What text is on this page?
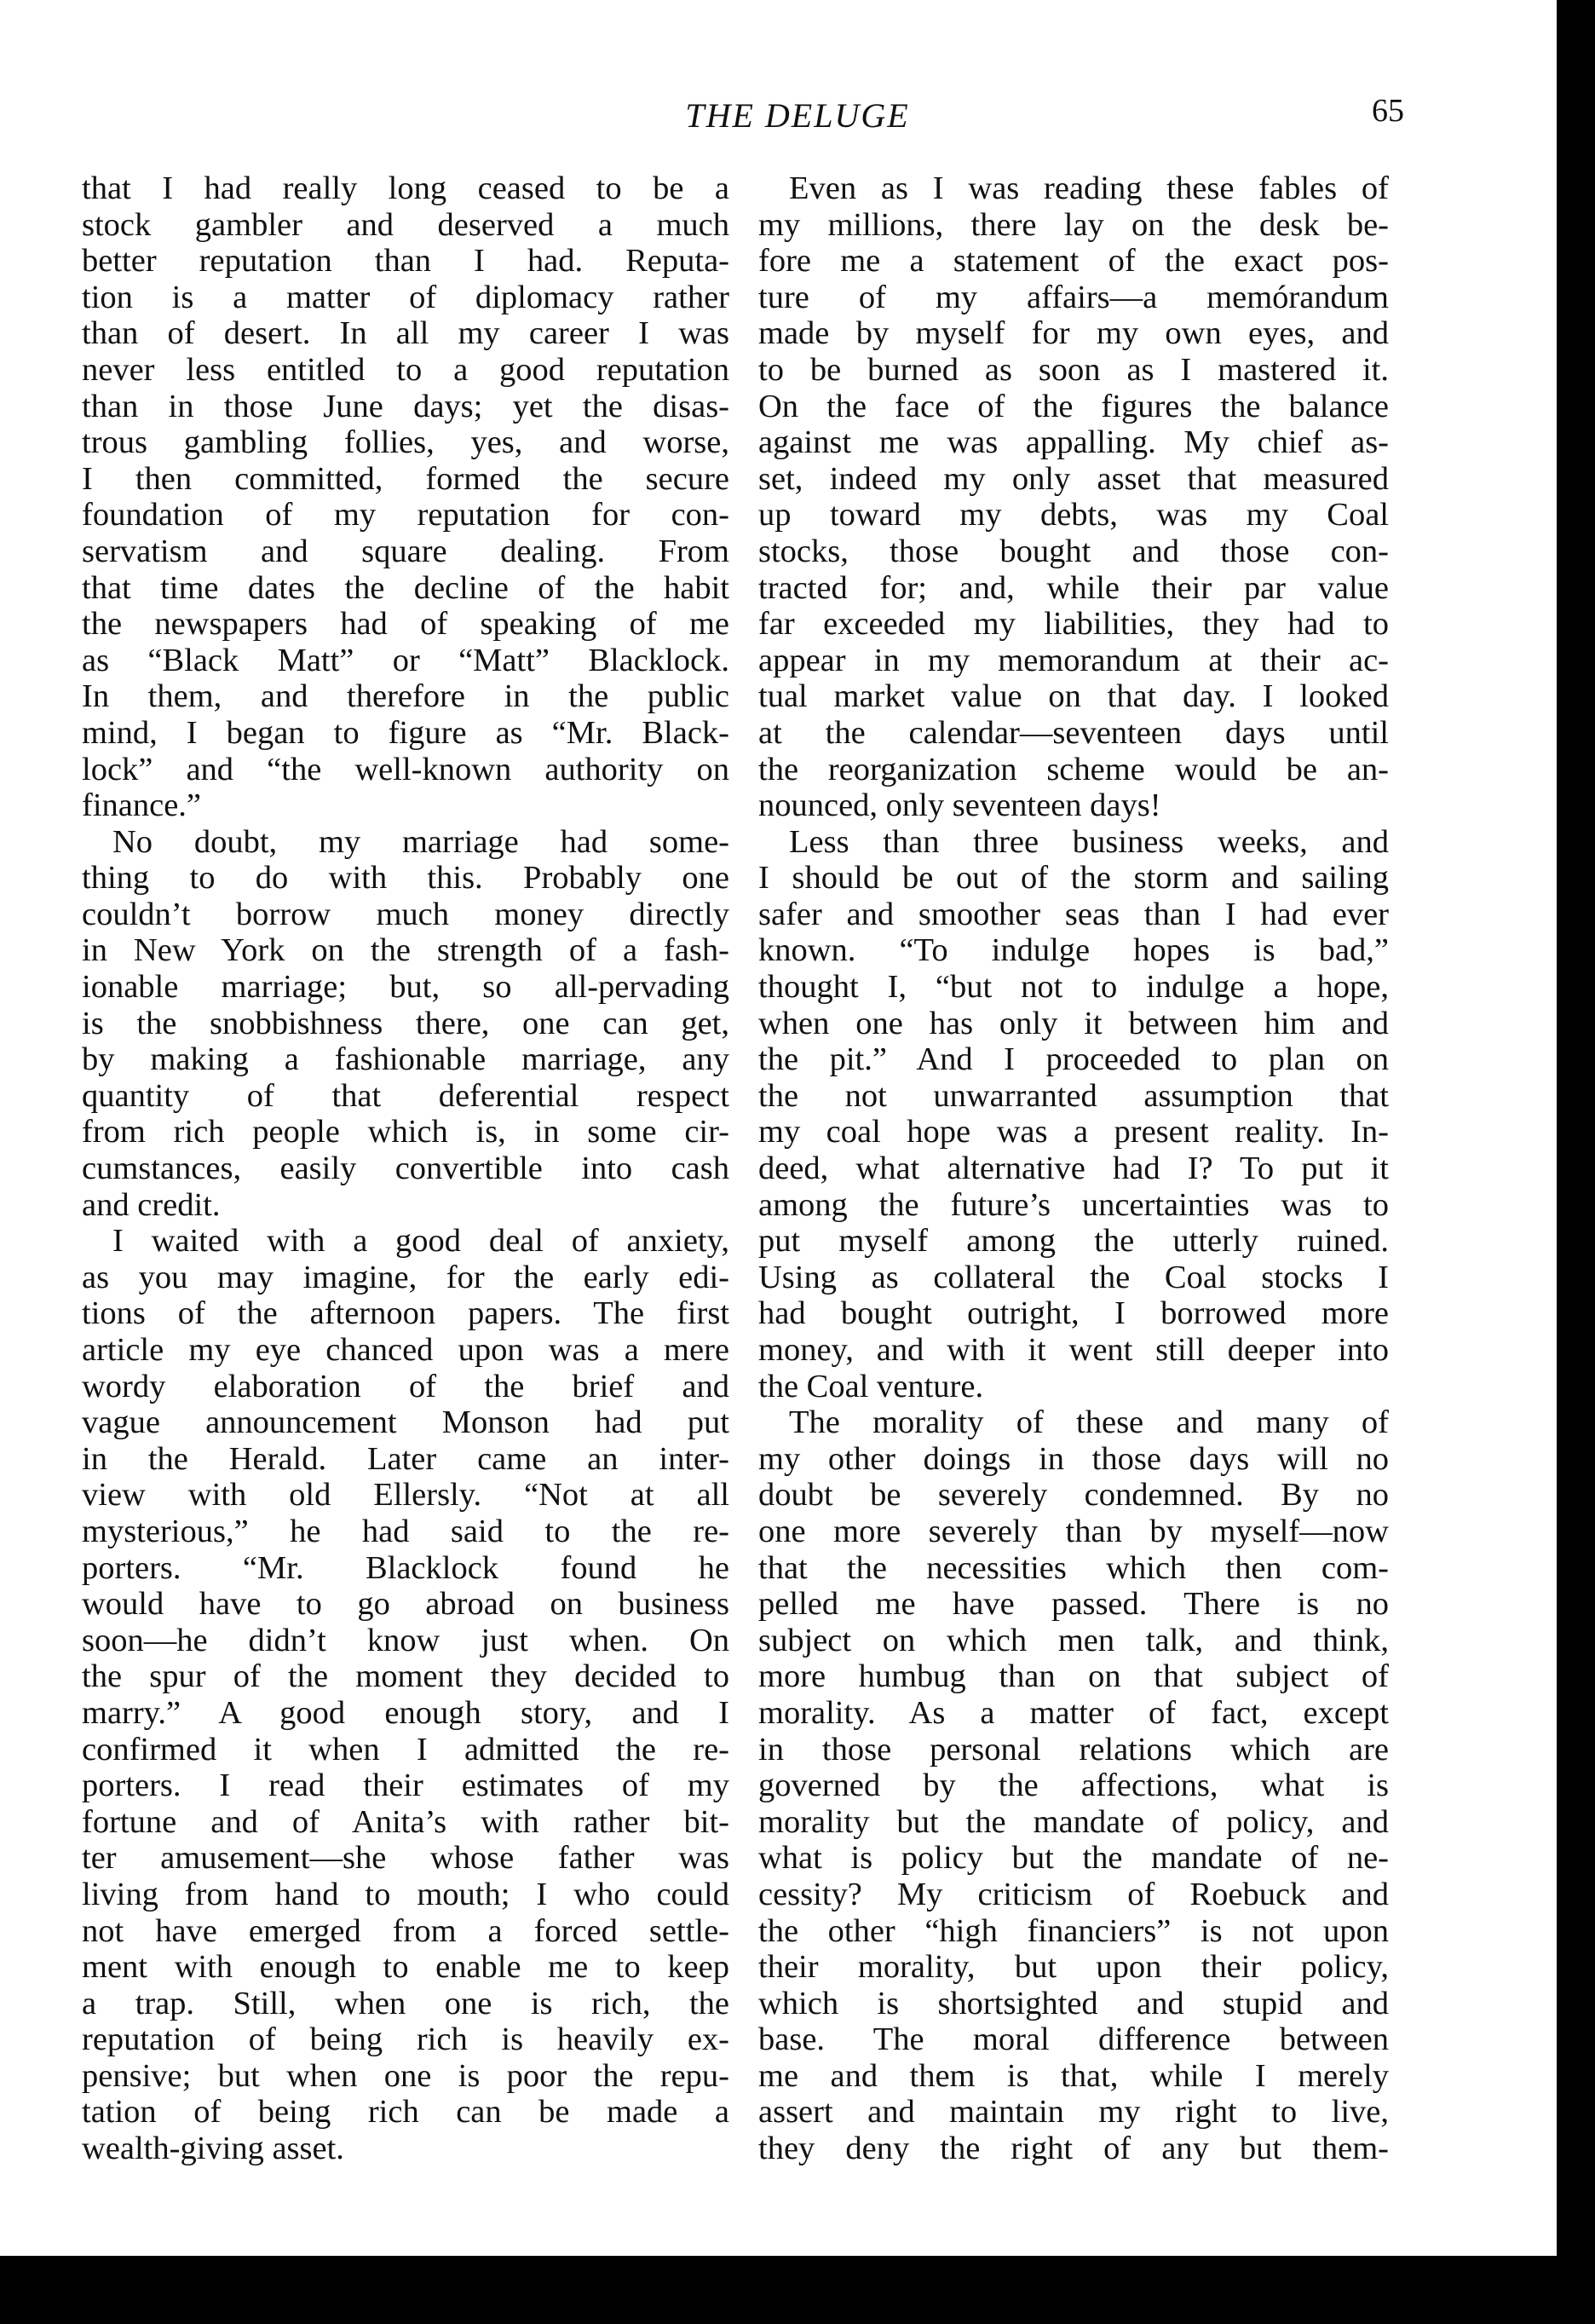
THE DELUGE	65
that I had really long ceased to be a
stock gambler and deserved a much
better reputation than I had. Reputa-
tion is a matter of diplomacy rather
than of desert. In all my career I was
never less entitled to a good reputation
than in those June days; yet the disas-
trous gambling follies, yes, and worse,
I then committed, formed the secure
foundation of my reputation for con-
servatism and square dealing. From
that time dates the decline of the habit
the newspapers had of speaking of me
as “Black Matt” or “Matt” Blacklock.
In them, and therefore in the public
mind, I began to figure as “Mr. Black-
lock” and “the well-known authority on
finance.”
No doubt, my marriage had some-
thing to do with this. Probably one
couldn’t borrow much money directly
in New York on the strength of a fash-
ionable marriage; but, so all-pervading
is the snobbishness there, one can get,
by making a fashionable marriage, any
quantity of that deferential respect
from rich people which is, in some cir-
cumstances, easily convertible into cash
and credit.
I waited with a good deal of anxiety,
as you may imagine, for the early edi-
tions of the afternoon papers. The first
article my eye chanced upon was a mere
wordy elaboration of the brief and
vague announcement Monson had put
in the Herald. Later came an inter-
view with old Ellersly. “Not at all
mysterious,” he had said to the re-
porters. “Mr. Blacklock found he
would have to go abroad on business
soon—he didn’t know just when. On
the spur of the moment they decided to
marry.” A good enough story, and I
confirmed it when I admitted the re-
porters. I read their estimates of my
fortune and of Anita’s with rather bit-
ter amusement—she whose father was
living from hand to mouth; I who could
not have emerged from a forced settle-
ment with enough to enable me to keep
a trap. Still, when one is rich, the
reputation of being rich is heavily ex-
pensive; but when one is poor the repu-
tation of being rich can be made a
wealth-giving asset.
Even as I was reading these fables of
my millions, there lay on the desk be-
fore me a statement of the exact pos-
ture of my affairs—a memórandum
made by myself for my own eyes, and
to be burned as soon as I mastered it.
On the face of the figures the balance
against me was appalling. My chief as-
set, indeed my only asset that measured
up toward my debts, was my Coal
stocks, those bought and those con-
tracted for; and, while their par value
far exceeded my liabilities, they had to
appear in my memorandum at their ac-
tual market value on that day. I looked
at the calendar—seventeen days until
the reorganization scheme would be an-
nounced, only seventeen days!
Less than three business weeks, and
I should be out of the storm and sailing
safer and smoother seas than I had ever
known. “To indulge hopes is bad,”
thought I, “but not to indulge a hope,
when one has only it between him and
the pit.” And I proceeded to plan on
the not unwarranted assumption that
my coal hope was a present reality. In-
deed, what alternative had I? To put it
among the future’s uncertainties was to
put myself among the utterly ruined.
Using as collateral the Coal stocks I
had bought outright, I borrowed more
money, and with it went still deeper into
the Coal venture.
The morality of these and many of
my other doings in those days will no
doubt be severely condemned. By no
one more severely than by myself—now
that the necessities which then com-
pelled me have passed. There is no
subject on which men talk, and think,
more humbug than on that subject of
morality. As a matter of fact, except
in those personal relations which are
governed by the affections, what is
morality but the mandate of policy, and
what is policy but the mandate of ne-
cessity? My criticism of Roebuck and
the other “high financiers” is not upon
their morality, but upon their policy,
which is shortsighted and stupid and
base. The moral difference between
me and them is that, while I merely
assert and maintain my right to live,
they deny the right of any but them-
